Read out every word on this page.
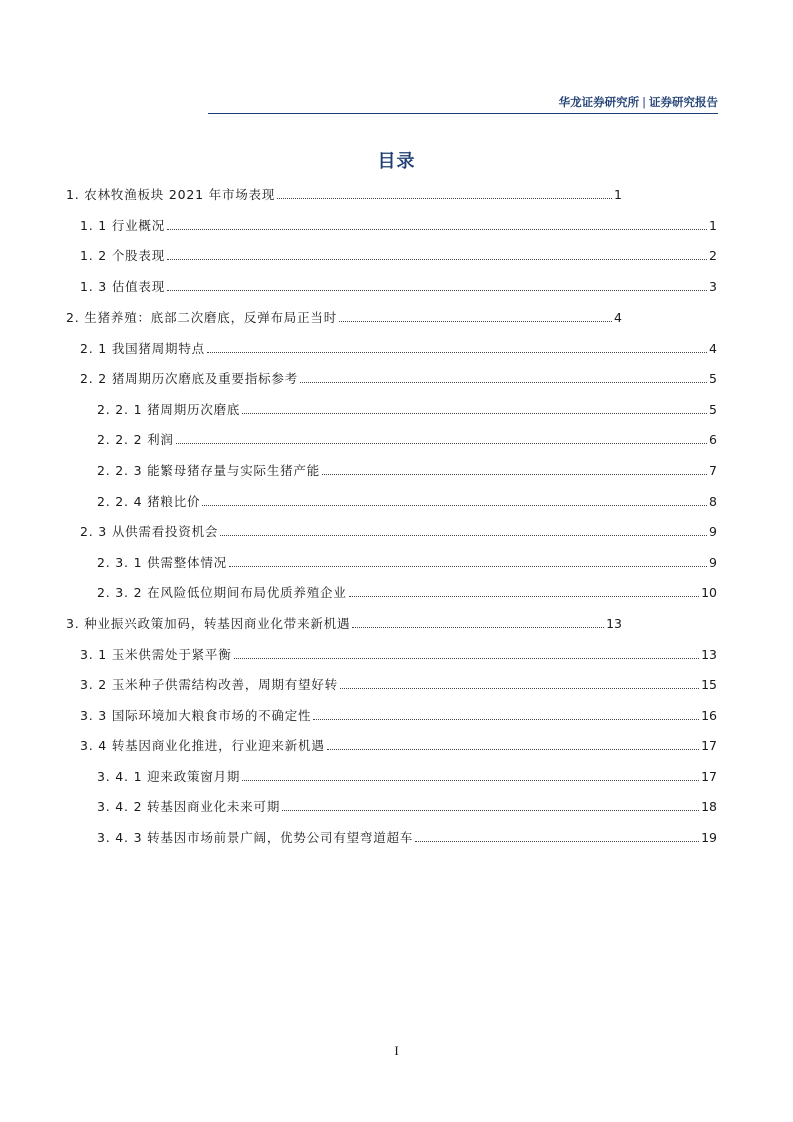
华龙证券研究所 | 证券研究报告
目录
1. 农林牧渔板块 2021 年市场表现	1
1. 1 行业概况	1
1. 2 个股表现	2
1. 3 估值表现	3
2. 生猪养殖：底部二次磨底，反弹布局正当时	4
2. 1 我国猪周期特点	4
2. 2 猪周期历次磨底及重要指标参考	5
2. 2. 1 猪周期历次磨底	5
2. 2. 2 利润	6
2. 2. 3 能繁母猪存量与实际生猪产能	7
2. 2. 4 猪粮比价	8
2. 3 从供需看投资机会	9
2. 3. 1 供需整体情况	9
2. 3. 2 在风险低位期间布局优质养殖企业	10
3. 种业振兴政策加码，转基因商业化带来新机遇	13
3. 1 玉米供需处于紧平衡	13
3. 2 玉米种子供需结构改善，周期有望好转	15
3. 3 国际环境加大粮食市场的不确定性	16
3. 4 转基因商业化推进，行业迎来新机遇	17
3. 4. 1 迎来政策窗月期	17
3. 4. 2 转基因商业化未来可期	18
3. 4. 3 转基因市场前景广阔，优势公司有望弯道超车	19
I
